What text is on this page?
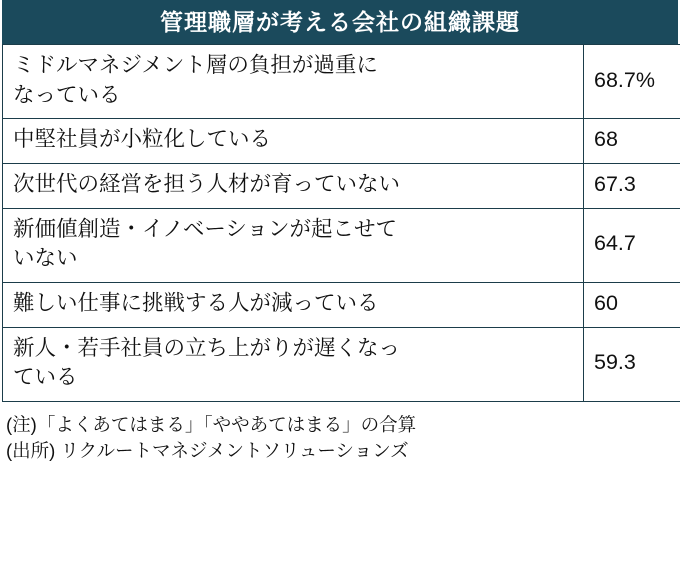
管理職層が考える会社の組織課題
ミドルマネジメント層の負担が過重に
なっている	68.7%

中堅社員が小粒化している	68

次世代の経営を担う人材が育っていない	67.3

新価値創造・イノベーションが起こせて
いない	64.7

難しい仕事に挑戦する人が減っている	60

新人・若手社員の立ち上がりが遅くなっ
ている	59.3
(注)「よくあてはまる」「ややあてはまる」の合算
(出所) リクルートマネジメントソリューションズ
